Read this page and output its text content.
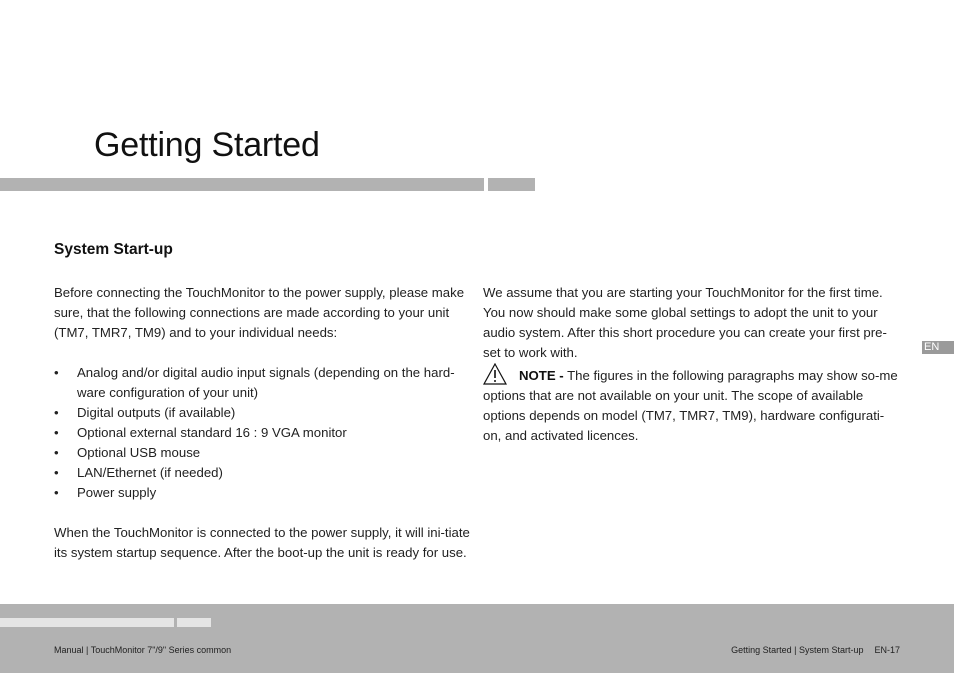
Getting Started
System Start-up

Before connecting the TouchMonitor to the power supply, please make sure, that the following connections are made according to your unit (TM7, TMR7, TM9) and to your individual needs:

• Analog and/or digital audio input signals (depending on the hard-ware configuration of your unit)
• Digital outputs (if available)
• Optional external standard 16 : 9 VGA monitor
• Optional USB mouse
• LAN/Ethernet (if needed)
• Power supply

When the TouchMonitor is connected to the power supply, it will ini-tiate its system startup sequence. After the boot-up the unit is ready for use.

We assume that you are starting your TouchMonitor for the first time. You now should make some global settings to adopt the unit to your audio system. After this short procedure you can create your first pre-set to work with.

NOTE - The figures in the following paragraphs may show so-me options that are not available on your unit. The scope of available options depends on model (TM7, TMR7, TM9), hardware configurati-on, and activated licences.

EN
Manual | TouchMonitor 7"/9" Series common	Getting Started | System Start-up EN-17
